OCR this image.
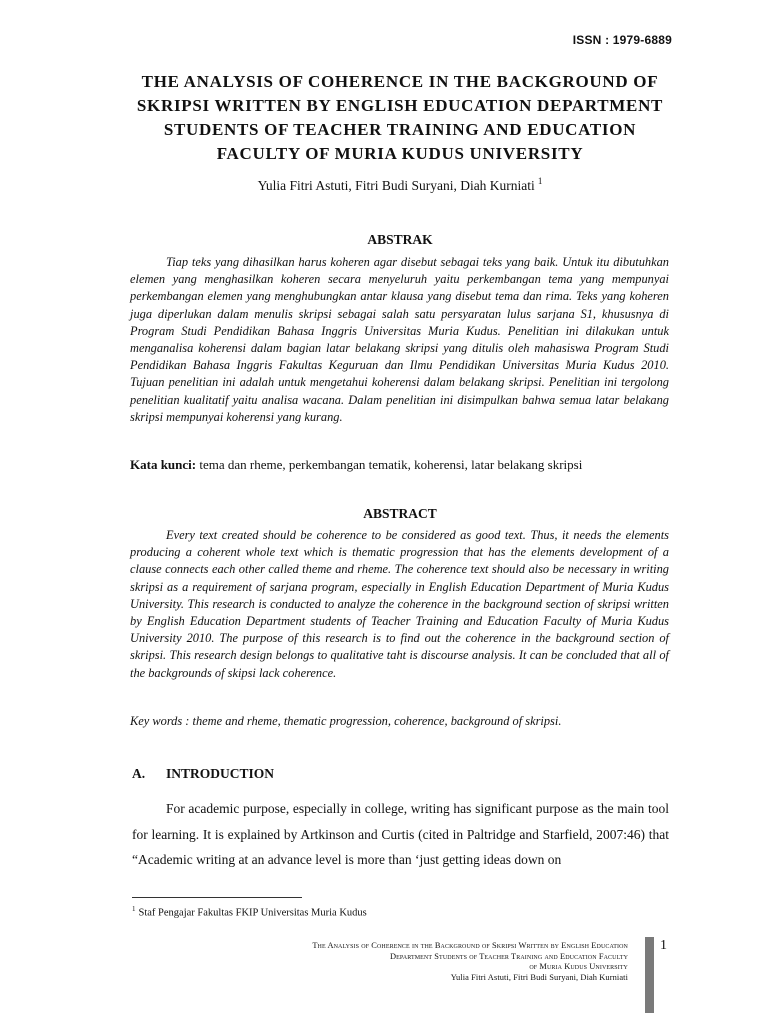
ISSN : 1979-6889
THE ANALYSIS OF COHERENCE IN THE BACKGROUND OF SKRIPSI WRITTEN BY ENGLISH EDUCATION DEPARTMENT STUDENTS OF TEACHER TRAINING AND EDUCATION FACULTY OF MURIA KUDUS UNIVERSITY
Yulia Fitri Astuti, Fitri Budi Suryani, Diah Kurniati $^1$
ABSTRAK
Tiap teks yang dihasilkan harus koheren agar disebut sebagai teks yang baik. Untuk itu dibutuhkan elemen yang menghasilkan koheren secara menyeluruh yaitu perkembangan tema yang mempunyai perkembangan elemen yang menghubungkan antar klausa yang disebut tema dan rima. Teks yang koheren juga diperlukan dalam menulis skripsi sebagai salah satu persyaratan lulus sarjana S1, khususnya di Program Studi Pendidikan Bahasa Inggris Universitas Muria Kudus. Penelitian ini dilakukan untuk menganalisa koherensi dalam bagian latar belakang skripsi yang ditulis oleh mahasiswa Program Studi Pendidikan Bahasa Inggris Fakultas Keguruan dan Ilmu Pendidikan Universitas Muria Kudus 2010. Tujuan penelitian ini adalah untuk mengetahui koherensi dalam belakang skripsi. Penelitian ini tergolong penelitian kualitatif yaitu analisa wacana. Dalam penelitian ini disimpulkan bahwa semua latar belakang skripsi mempunyai koherensi yang kurang.
Kata kunci: tema dan rheme, perkembangan tematik, koherensi, latar belakang skripsi
ABSTRACT
Every text created should be coherence to be considered as good text. Thus, it needs the elements producing a coherent whole text which is thematic progression that has the elements development of a clause connects each other called theme and rheme. The coherence text should also be necessary in writing skripsi as a requirement of sarjana program, especially in English Education Department of Muria Kudus University. This research is conducted to analyze the coherence in the background section of skripsi written by English Education Department students of Teacher Training and Education Faculty of Muria Kudus University 2010. The purpose of this research is to find out the coherence in the background section of skripsi. This research design belongs to qualitative taht is discourse analysis. It can be concluded that all of the backgrounds of skipsi lack coherence.
Key words : theme and rheme, thematic progression, coherence, background of skripsi.
A. INTRODUCTION
For academic purpose, especially in college, writing has significant purpose as the main tool for learning. It is explained by Artkinson and Curtis (cited in Paltridge and Starfield, 2007:46) that “Academic writing at an advance level is more than ‘just getting ideas down on
$^1$ Staf Pengajar Fakultas FKIP Universitas Muria Kudus
The Analysis of Coherence in the Background of Skripsi Written by English Education
Department Students of Teacher Training and Education Faculty
of Muria Kudus University
Yulia Fitri Astuti, Fitri Budi Suryani, Diah Kurniati
1
